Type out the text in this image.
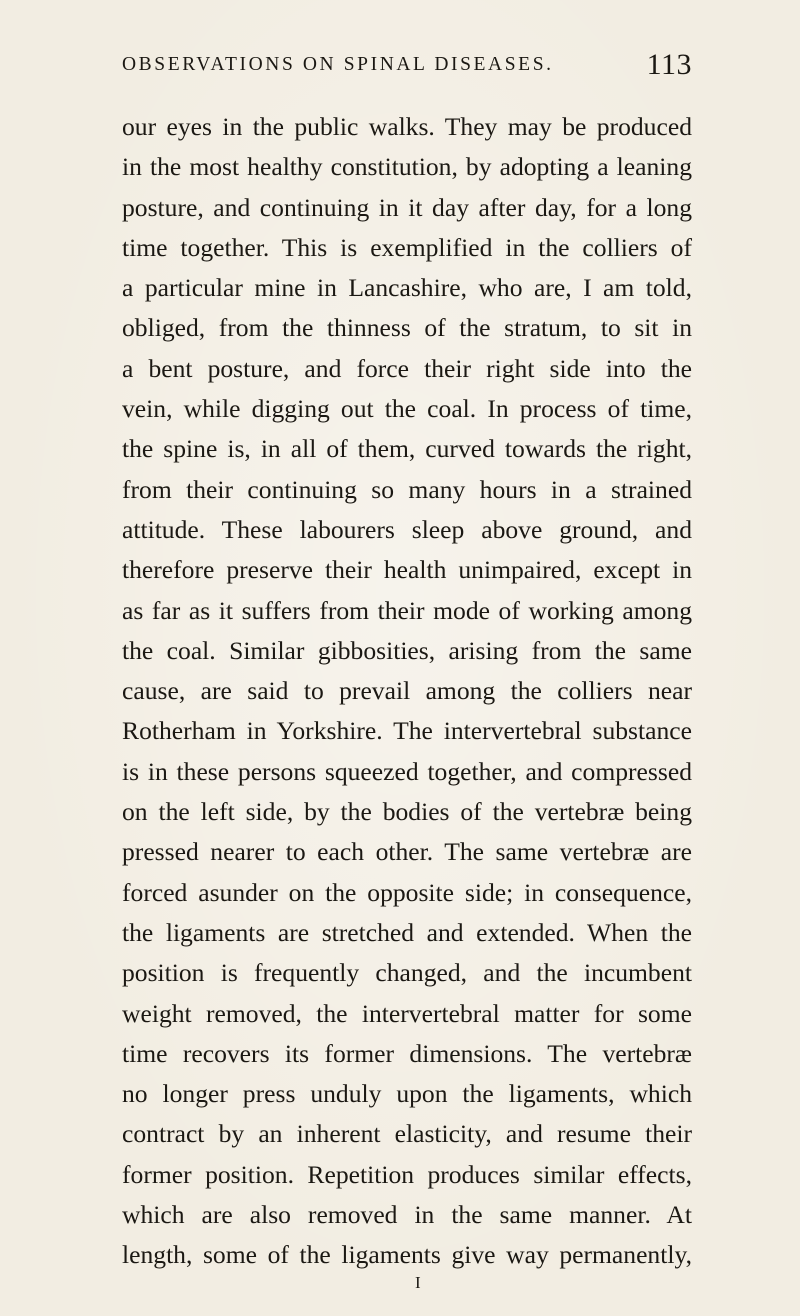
OBSERVATIONS ON SPINAL DISEASES.	113
our eyes in the public walks. They may be produced
in the most healthy constitution, by adopting a leaning
posture, and continuing in it day after day, for a long
time together. This is exemplified in the colliers of
a particular mine in Lancashire, who are, I am told,
obliged, from the thinness of the stratum, to sit in
a bent posture, and force their right side into the
vein, while digging out the coal. In process of time,
the spine is, in all of them, curved towards the right,
from their continuing so many hours in a strained
attitude. These labourers sleep above ground, and
therefore preserve their health unimpaired, except in
as far as it suffers from their mode of working among
the coal. Similar gibbosities, arising from the same
cause, are said to prevail among the colliers near
Rotherham in Yorkshire. The intervertebral substance
is in these persons squeezed together, and compressed
on the left side, by the bodies of the vertebræ being
pressed nearer to each other. The same vertebræ are
forced asunder on the opposite side; in consequence,
the ligaments are stretched and extended. When the
position is frequently changed, and the incumbent
weight removed, the intervertebral matter for some
time recovers its former dimensions. The vertebræ
no longer press unduly upon the ligaments, which
contract by an inherent elasticity, and resume their
former position. Repetition produces similar effects,
which are also removed in the same manner. At
length, some of the ligaments give way permanently,
I
